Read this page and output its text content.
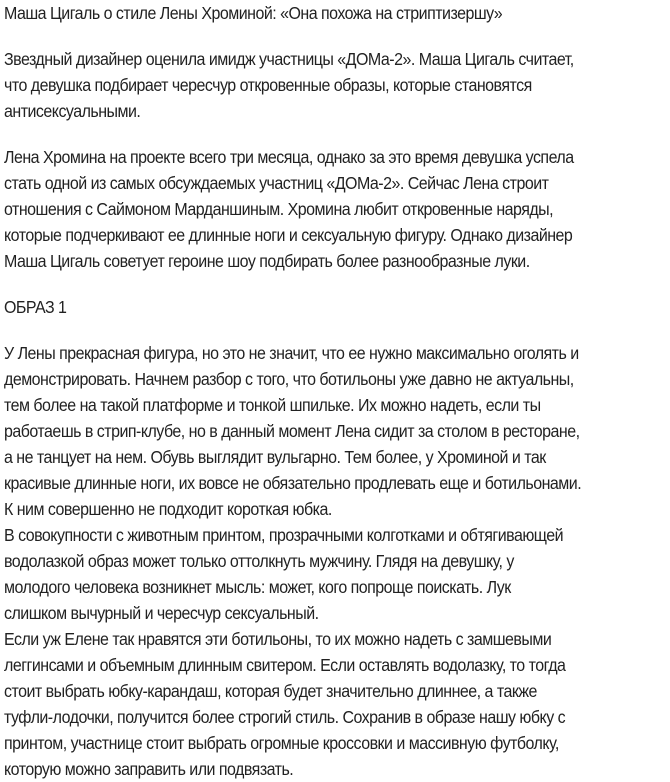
Маша Цигаль о стиле Лены Хроминой: «Она похожа на стриптизершу»
Звездный дизайнер оценила имидж участницы «ДОМа-2». Маша Цигаль считает,
что девушка подбирает чересчур откровенные образы, которые становятся
антисексуальными.
Лена Хромина на проекте всего три месяца, однако за это время девушка успела
стать одной из самых обсуждаемых участниц «ДОМа-2». Сейчас Лена строит
отношения с Саймоном Марданшиным. Хромина любит откровенные наряды,
которые подчеркивают ее длинные ноги и сексуальную фигуру. Однако дизайнер
Маша Цигаль советует героине шоу подбирать более разнообразные луки.
ОБРАЗ 1
У Лены прекрасная фигура, но это не значит, что ее нужно максимально оголять и
демонстрировать. Начнем разбор с того, что ботильоны уже давно не актуальны,
тем более на такой платформе и тонкой шпильке. Их можно надеть, если ты
работаешь в стрип-клубе, но в данный момент Лена сидит за столом в ресторане,
а не танцует на нем. Обувь выглядит вульгарно. Тем более, у Хроминой и так
красивые длинные ноги, их вовсе не обязательно продлевать еще и ботильонами.
К ним совершенно не подходит короткая юбка.
В совокупности с животным принтом, прозрачными колготками и обтягивающей
водолазкой образ может только оттолкнуть мужчину. Глядя на девушку, у
молодого человека возникнет мысль: может, кого попроще поискать. Лук
слишком вычурный и чересчур сексуальный.
Если уж Елене так нравятся эти ботильоны, то их можно надеть с замшевыми
леггинсами и объемным длинным свитером. Если оставлять водолазку, то тогда
стоит выбрать юбку-карандаш, которая будет значительно длиннее, а также
туфли-лодочки, получится более строгий стиль. Сохранив в образе нашу юбку с
принтом, участнице стоит выбрать огромные кроссовки и массивную футболку,
которую можно заправить или подвязать.
